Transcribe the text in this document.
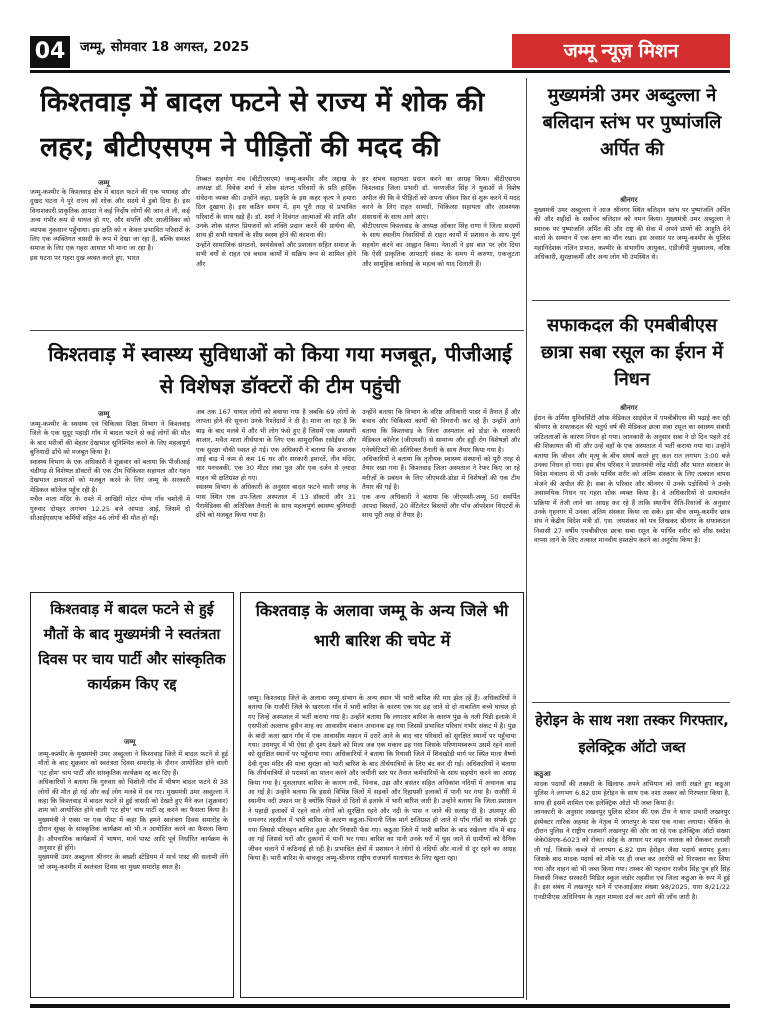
04	जम्मू, सोमवार 18 अगस्त, 2025	जम्मू न्यूज़ मिशन
किश्तवाड़ में बादल फटने से राज्य में शोक की लहर; बीटीएसएम ने पीड़ितों की मदद की
जम्मू
जम्मू-कश्मीर के किश्तवाड़ क्षेत्र में बादल फटने की एक भयावह और दुखद घटना ने पूरे राज्य को शोक और सदमे में डुबो दिया है। इस विनाशकारी प्राकृतिक आपदा ने कई निर्दोष लोगों की जान ले ली, कई अन्य गंभीर रूप से घायल हो गए, और संपत्ति और आजीविका को व्यापक नुकसान पहुँचाया। इस क्षति को न केवल प्रभावित परिवारों के लिए एक व्यक्तिगत त्रासदी के रूप में देखा जा रहा है, बल्कि समस्त समाज के लिए एक गहरा आघात भी माना जा रहा है।
इस घटना पर गहरा दुख व्यक्त करते हुए, भारत
तिब्बत सहयोग मंच (बीटीएसएम) जम्मू-कश्मीर और लद्दाख के अध्यक्ष डॉ. विवेक शर्मा ने शोक संतप्त परिवारों के प्रति हार्दिक संवेदना व्यक्त की। उन्होंने कहा, प्रकृति के इस कहर कृत्य ने हमारा दिल दुखाया है। इस कठिन समय में, हम पूरी तरह से प्रभावित परिवारों के साथ खड़े हैं। डॉ. शर्मा ने दिवंगत आत्माओं की शांति और उनके शोक संतप्त प्रियजनों को शक्ति प्रदान करने की प्रार्थना की, साथ ही सभी घायलों के शीघ्र स्वस्थ होने की कामना की।
उन्होंने सामाजिक संगठनों, स्वयंसेवकों और प्रशासन सहित समाज के सभी वर्गों से राहत एवं बचाव कार्यों में सक्रिय रूप से शामिल होने और
हर संभव सहायता प्रदान करने का आग्रह किया। बीटीएसएम किश्तवाड़ जिला प्रभारी डॉ. चरणजीत सिंह ने युवाओं से विशेष अपील की कि वे पीड़ितों को अपना जीवन फिर से शुरू करने में मदद करने के लिए राहत सामग्री, चिकित्सा सहायता और आवश्यक संसाधनों के साथ आगे आएं।
बीटीएसएम किश्तवाड़ के अध्यक्ष ओंकार सिंह राणा ने जिला सदस्यों के साथ स्थानीय निवासियों से राहत कार्यों में प्रशासन के साथ पूर्ण सहयोग करने का आह्वान किया। नेताओं ने इस बात पर ज़ोर दिया कि ऐसी प्राकृतिक आपदाएँ संकट के समय में करुणा, एकजुटता और सामूहिक कार्रवाई के महत्व को याद दिलाती हैं।
मुख्यमंत्री उमर अब्दुल्ला ने बलिदान स्तंभ पर पुष्पांजलि अर्पित की
श्रीनगर
मुख्यमंत्री उमर अब्दुल्ला ने आज श्रीनगर स्थित बलिदान स्तंभ पर पुष्पांजलि अर्पित की और शहीदों के सर्वोच्च बलिदान को नमन किया। मुख्यमंत्री उमर अब्दुल्ला ने स्मारक पर पुष्पांजलि अर्पित की और राष्ट्र की सेवा में अपने प्राणों की आहुति देने वालों के सम्मान में एक क्षण का मौन रखा। इस अवसर पर जम्मू-कश्मीर के पुलिस महानिदेशक नलिन प्रभात, कश्मीर के संभागीय आयुक्त, एडीजीपी मुख्यालय, वरिष्ठ अधिकारी, सुरक्षाकर्मी और अन्य लोग भी उपस्थित थे।
किश्तवाड़ में स्वास्थ्य सुविधाओं को किया गया मजबूत, पीजीआई से विशेषज्ञ डॉक्टरों की टीम पहुंची
जम्मू
जम्मू-कश्मीर के स्वास्थ्य एवं चिकित्सा शिक्षा विभाग ने किश्तवाड़ जिले के एक सुदूर पहाड़ी गाँव में बादल फटने से कई लोगों की मौत के बाद मरीजों की बेहतर देखभाल सुनिश्चित करने के लिए महत्वपूर्ण बुनियादी ढाँचे को मजबूत किया है।
स्वास्थ्य विभाग के एक अधिकारी ने शुक्रवार को बताया कि पीजीआई चंडीगढ़ से विशेषज्ञ डॉक्टरों की एक टीम चिकित्सा सहायता और गहन देखभाल क्षमताओं को मजबूत करने के लिए जम्मू के सरकारी मेडिकल कॉलेज पहुँच रही है।
मचैल माता मंदिर के रास्ते में आखिरी मोटर योग्य गाँव चशोती में गुरुवार दोपहर लगभग 12.25 बजे आपदा आई, जिसमें दो सीआईएसएफ कर्मियों सहित 46 लोगों की मौत हो गई।
अब तक 167 घायल लोगों को बचाया गया है जबकि 69 लोगों के लापता होने की सूचना उनके रिश्तेदारों ने दी है। माना जा रहा है कि बाढ़ के बाद मलबे में और भी लोग फंसे हुए हैं जिसमें एक अस्थायी बाजार, मचैल माता तीर्थयात्रा के लिए एक सामुदायिक रसोईघर और एक सुरक्षा चौकी ध्वस्त हो गई। एक अधिकारी ने बताया कि अचानक आई बाढ़ में कम से कम 16 घर और सरकारी इमारतें, तीन मंदिर, चार पनचक्की, एक 30 मीटर लंबा पुल और एक दर्जन से ज़्यादा वाहन भी क्षतिग्रस्त हो गए।
स्वास्थ्य विभाग के अधिकारी के अनुसार बादल फटने वाली जगह के पास स्थित एक उप-जिला अस्पताल में 13 डॉक्टरों और 31 पैरामेडिक्स की अतिरिक्त तैनाती के साथ महत्वपूर्ण स्वास्थ्य बुनियादी ढाँचे को मजबूत किया गया है।
उन्होंने बताया कि विभाग के वरिष्ठ अधिकारी पाडर में तैनात हैं और बचाव और चिकित्सा कार्यों की निगरानी कर रहे हैं। उन्होंने आगे बताया कि किश्तवाड़ के जिला अस्पताल को डोडा के सरकारी मेडिकल कॉलेज (जीएमसी) से सामान्य और हड्डी रोग विशेषज्ञों और एनेस्थेटिस्टों की अतिरिक्त तैनाती के साथ तैयार किया गया है।
अधिकारियों ने बताया कि तृतीयक स्वास्थ्य संस्थानों को पूरी तरह से तैयार रखा गया है। किश्तवाड़ जिला अस्पताल ने रेफर किए जा रहे मरीज़ों के प्रबंधन के लिए जीएमसी-डोडा में विशेषज्ञों की एक टीम तैयार की गई है।
एक अन्य अधिकारी ने बताया कि जीएमसी-जम्मू 50 समर्पित आपदा बिस्तरों, 20 वेंटिलेटर बिस्तरों और पाँच ऑपरेशन थिएटरों के साथ पूरी तरह से तैयार है।
सफाकदल की एमबीबीएस छात्रा सबा रसूल का ईरान में निधन
श्रीनगर
ईरान के उर्मिया यूनिवर्सिटी ऑफ़ मेडिकल साइंसेज में एमबीबीएस की पढ़ाई कर रही श्रीनगर के सफाकदल की चतुर्थ वर्ष की मेडिकल छात्रा सबा रसूल का स्वास्थ्य संबंधी जटिलताओं के कारण निधन हो गया। जानकारी के अनुसार सबा ने दो दिन पहले दर्द की शिकायत की थी और उन्हें वहाँ के एक अस्पताल में भर्ती कराया गया था। उन्होंने बताया कि जीवन और मृत्यु के बीच संघर्ष करते हुए कल रात लगभग 3:00 बजे उनका निधन हो गया। इस बीच परिवार ने प्रधानमंत्री नरेंद्र मोदी और भारत सरकार के विदेश मंत्रालय से भी उनके पार्थिव शरीर को अंतिम संस्कार के लिए तत्काल वापस भेजने की अपील की है। सबा के परिवार और श्रीनगर में उनके पड़ोसियों ने उनके असामयिक निधन पर गहरा शोक व्यक्त किया है। वे अधिकारियों से प्रत्यावर्तन प्रक्रिया में तेजी लाने का आग्रह कर रहे हैं ताकि स्थानीय रीति-रिवाजों के अनुसार उनके गृहनगर में उनका अंतिम संस्कार किया जा सके। इस बीच जम्मू-कश्मीर छात्र संघ ने केंद्रीय विदेश मंत्री डॉ. एस. जयशंकर को पत्र लिखकर श्रीनगर के सफाकदल निवासी 27 वर्षीय एमबीबीएस छात्रा सबा रसूल के पार्थिव शरीर को शीघ्र स्वदेश वापस लाने के लिए तत्काल मानवीय हस्तक्षेप करने का अनुरोध किया है।
किश्तवाड़ में बादल फटने से हुई मौतों के बाद मुख्यमंत्री ने स्वतंत्रता दिवस पर चाय पार्टी और सांस्कृतिक कार्यक्रम किए रद्द
जम्मू
जम्मू-कश्मीर के मुख्यमंत्री उमर अब्दुल्ला ने किश्तवाड़ जिले में बादल फटने से हुई मौतों के बाद शुक्रवार को स्वतंत्रता दिवस समारोह के दौरान आयोजित होने वाली 'एट होम' चाय पार्टी और सांस्कृतिक कार्यक्रम रद्द कर दिए हैं।
अधिकारियों ने बताया कि गुरुवार को चिशोती गाँव में भीषण बादल फटने से 38 लोगों की मौत हो गई और कई लोग मलबे में दब गए। मुख्यमंत्री उमर अब्दुल्ला ने कहा कि किश्तवाड़ में बादल फटने से हुई त्रासदी को देखते हुए मैंने कल (शुक्रवार) शाम को आयोजित होने वाली 'एट होम' चाय पार्टी रद्द करने का फैसला किया है। मुख्यमंत्री ने एक्स पर एक पोस्ट में कहा कि हमने स्वतंत्रता दिवस समारोह के दौरान सुबह के सांस्कृतिक कार्यक्रम को भी न आयोजित करने का फैसला किया है। औपचारिक कार्यक्रमों में भाषण, मार्च पास्ट आदि पूर्व निर्धारित कार्यक्रम के अनुसार ही होंगे।
मुख्यमंत्री उमर अब्दुल्ला श्रीनगर के बख्शी स्टेडियम में मार्च पास्ट की सलामी लेंगे जो जम्मू-कश्मीर में स्वतंत्रता दिवस का मुख्य समारोह स्थल है।
किश्तवाड़ के अलावा जम्मू के अन्य जिले भी भारी बारिश की चपेट में
जम्मू। किश्तवाड़ जिले के अलावा जम्मू संभाग के अन्य स्थान भी भारी बारिश की मार झेल रहे हैं। अधिकारियों ने बताया कि राजौरी जिले के खरगला गाँव में भारी बारिश के कारण एक घर ढह जाने से दो नाबालिग बच्चे घायल हो गए जिन्हें अस्पताल में भर्ती कराया गया है। उन्होंने बताया कि लगातार बारिश के कारण पुंछ के नली पिंडी इलाके में एसपीओ अल्ताफ हुसैन शाह का आवासीय मकान अचानक ढह गया जिससे प्रभावित परिवार गंभीर संकट में है। पुंछ के बांदी कला खान गाँव में एक आवासीय मकान में दरारें आने के बाद चार परिवारों को सुरक्षित स्थानों पर पहुँचाया गया। उधमपुर में भी ऐसा ही दृश्य देखने को मिला जब एक मकान ढह गया जिसके परिणामस्वरूप उसमें रहने वालों को सुरक्षित स्थानों पर पहुँचाया गया। अधिकारियों ने बताया कि रियासी जिले में शिवखोड़ी मार्ग पर स्थित माता वैष्णो देवी गुफा मंदिर की यात्रा सुरक्षा को भारी बारिश के बाद तीर्थयात्रियों के लिए बंद कर दी गई। अधिकारियों ने बताया कि तीर्थयात्रियों से परामर्श का पालन करने और जमीनी स्तर पर तैनात कर्मचारियों के साथ सहयोग करने का आग्रह किया गया है। मुसलाधार बारिश के कारण तवी, चिनाब, उझ और बसंतर सहित अधिकांश नदियों में अचानक बाढ़ आ गई है। उन्होंने बताया कि इससे विभिन्न जिलों में सड़कों और रिहायशी इलाकों में पानी भर गया है। राजौरी में स्थानीय नदी उफान पर है क्योंकि पिछले दो दिनों से इलाके में भारी बारिश जारी है। उन्होंने बताया कि जिला प्रशासन ने पहाड़ी इलाकों में रहने वाले लोगों को सुरक्षित रहने और नदी के पास न जाने की सलाह दी है। उधमपुर की रामनगर तहसील में भारी बारिश के कारण कठुआ-चिनानी लिंक मार्ग क्षतिग्रस्त हो जाने से पाँच गाँवों का संपर्क टूट गया जिससे परिवहन बाधित हुआ और निवासी फँस गए। कठुआ जिले में भारी बारिश के बाद रखेल्ला गाँव में बाढ़ आ गई जिससे घरों और दुकानों में पानी भर गया। बारिश का पानी उनके घरों में घुस जाने से ग्रामीणों को दैनिक जीवन चलाने में कठिनाई हो रही है। प्रभावित क्षेत्रों में प्रशासन ने लोगों से नदियों और नालों से दूर रहने का आग्रह किया है। भारी बारिश के बावजूद जम्मू-श्रीनगर राष्ट्रीय राजमार्ग यातायात के लिए खुला रहा।
हेरोइन के साथ नशा तस्कर गिरफ्तार, इलेक्ट्रिक ऑटो जब्त
कठुआ
मादक पदार्थों की तस्करी के खिलाफ अपने अभियान को जारी रखते हुए कठुआ पुलिस ने लगभग 6.82 ग्राम हेरोइन के साथ एक नशा तस्कर को गिरफ्तार किया है, साथ ही इसमें शामिल एक इलेक्ट्रिक ऑटो भी जब्त किया है।
जानकारी के अनुसार लखनपुर पुलिस स्टेशन की एक टीम ने थाना प्रभारी लखनपुर इंस्पेक्टर तारिक अहमद के नेतृत्व में जगतपुर के पास एक नाका लगाया। चेकिंग के दौरान पुलिस ने राष्ट्रीय राजमार्ग लखनपुर की ओर जा रहे एक इलेक्ट्रिक ऑटो संख्या जेके08एफ-6023 को रोका। संदेह के आधार पर वाहन चालक को रोककर तलाशी ली गई, जिसके कब्जे से लगभग 6.82 ग्राम हेरोइन जैसा पदार्थ बरामद हुआ। जिसके बाद मादक पदार्थ को मौके पर ही जब्त कर आरोपी को गिरफ्तार कर लिया गया और वाहन को भी जब्त किया गया। तस्कर की पहचान राजीव सिंह पुत्र हरि सिंह निवासी निकट सरकारी मिडिल स्कूल जंडोर तहसील एवं जिला कठुआ के रूप में हुई है। इस संबंध में लखनपुर थाने में एफआईआर संख्या 98/2025, धारा 8/21/22 एनडीपीएस अधिनियम के तहत मामला दर्ज कर आगे की जाँच जारी है।
